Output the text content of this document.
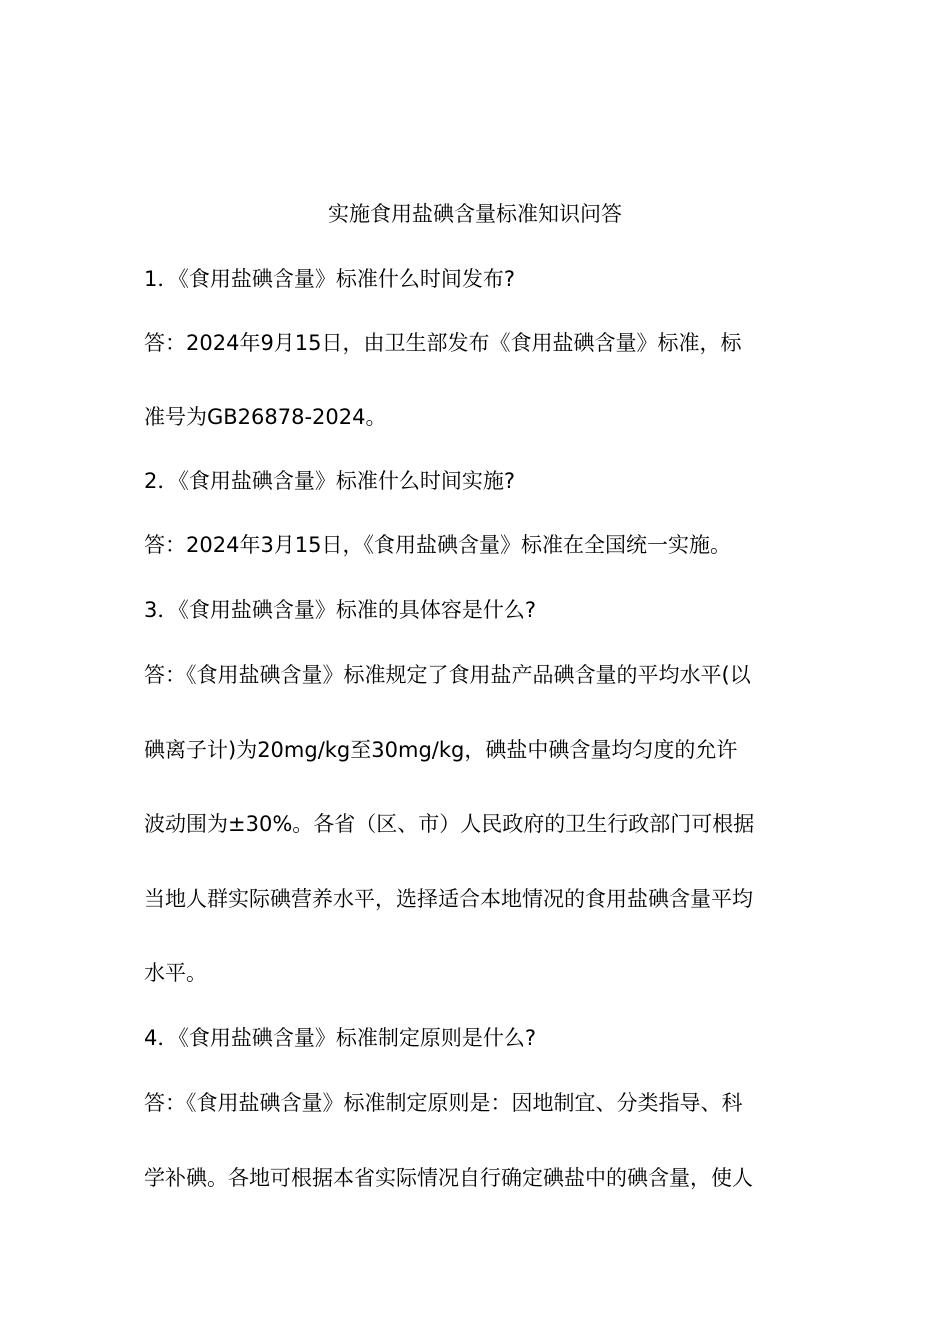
实施食用盐碘含量标准知识问答
1．《食用盐碘含量》标准什么时间发布?
答：2024年9月15日，由卫生部发布《食用盐碘含量》标准，标
准号为GB26878-2024。
2．《食用盐碘含量》标准什么时间实施?
答：2024年3月15日，《食用盐碘含量》标准在全国统一实施。
3．《食用盐碘含量》标准的具体容是什么?
答：《食用盐碘含量》标准规定了食用盐产品碘含量的平均水平(以
碘离子计)为20mg/kg至30mg/kg，碘盐中碘含量均匀度的允许
波动围为±30%。各省（区、市）人民政府的卫生行政部门可根据
当地人群实际碘营养水平，选择适合本地情况的食用盐碘含量平均
水平。
4．《食用盐碘含量》标准制定原则是什么?
答：《食用盐碘含量》标准制定原则是：因地制宜、分类指导、科
学补碘。各地可根据本省实际情况自行确定碘盐中的碘含量，使人
